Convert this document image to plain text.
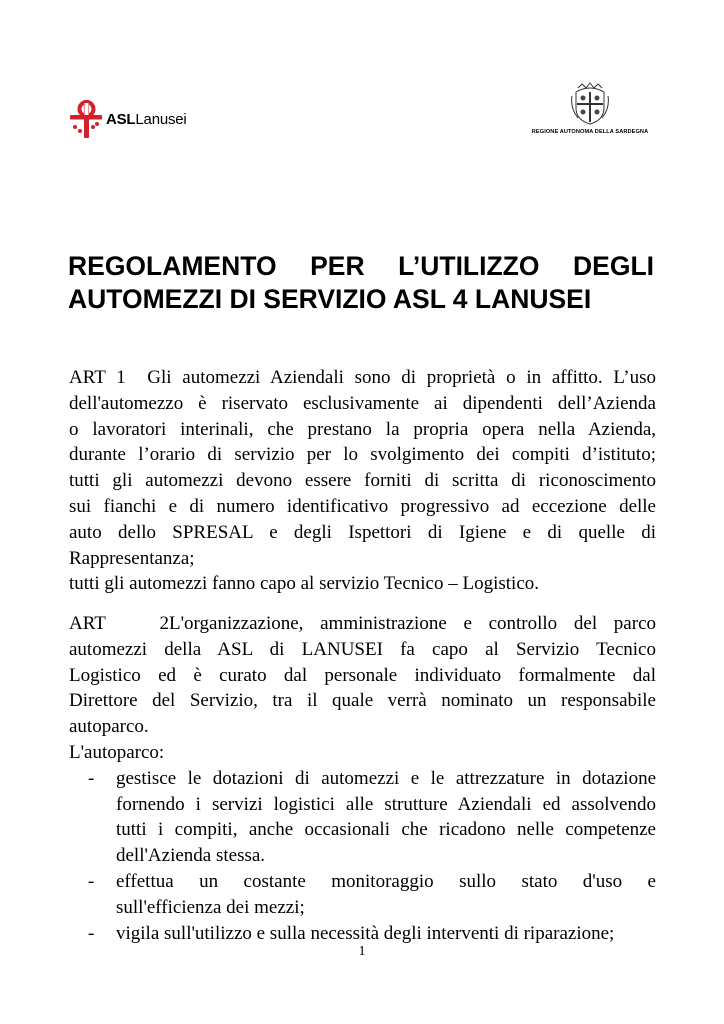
ASLLanusei
REGIONE AUTONOMA DELLA SARDEGNA
REGOLAMENTO PER L’UTILIZZO DEGLI
AUTOMEZZI DI SERVIZIO ASL 4 LANUSEI
ART 1 Gli automezzi Aziendali sono di proprietà o in affitto. L’uso
dell'automezzo è riservato esclusivamente ai dipendenti dell’Azienda
o lavoratori interinali, che prestano la propria opera nella Azienda,
durante l’orario di servizio per lo svolgimento dei compiti d’istituto;
tutti gli automezzi devono essere forniti di scritta di riconoscimento
sui fianchi e di numero identificativo progressivo ad eccezione delle
auto dello SPRESAL e degli Ispettori di Igiene e di quelle di
Rappresentanza;
tutti gli automezzi fanno capo al servizio Tecnico – Logistico.
ART 2L'organizzazione, amministrazione e controllo del parco
automezzi della ASL di LANUSEI fa capo al Servizio Tecnico
Logistico ed è curato dal personale individuato formalmente dal
Direttore del Servizio, tra il quale verrà nominato un responsabile
autoparco.
L'autoparco:
- gestisce le dotazioni di automezzi e le attrezzature in dotazione
fornendo i servizi logistici alle strutture Aziendali ed assolvendo
tutti i compiti, anche occasionali che ricadono nelle competenze
dell'Azienda stessa.
- effettua un costante monitoraggio sullo stato d'uso e
sull'efficienza dei mezzi;
- vigila sull'utilizzo e sulla necessità degli interventi di riparazione;
1
